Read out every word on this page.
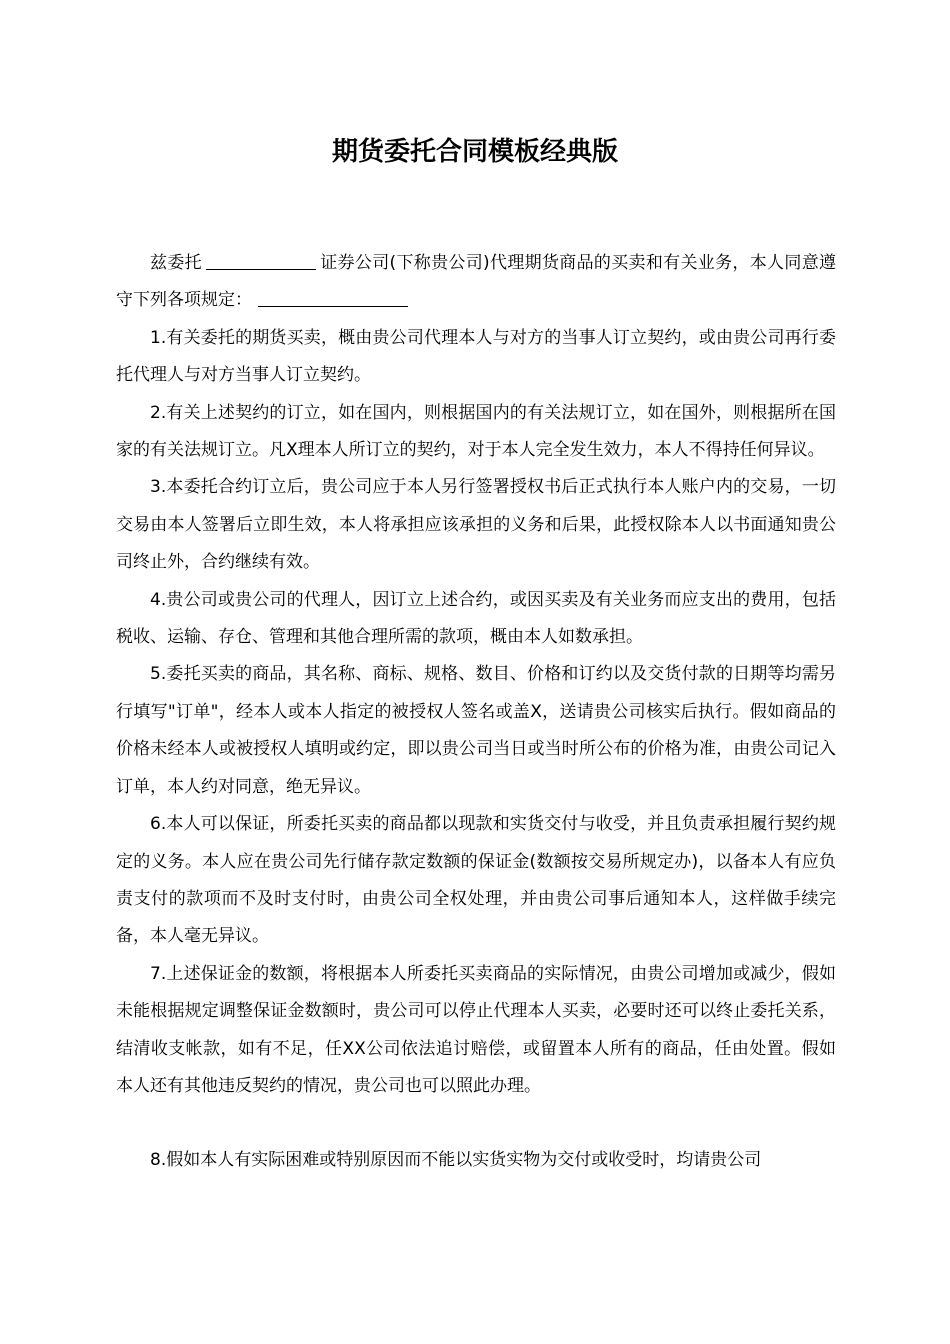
期货委托合同模板经典版

兹委托	证券公司(下称贵公司)代理期货商品的买卖和有关业务，本人同意遵守下列各项规定：

1.有关委托的期货买卖，概由贵公司代理本人与对方的当事人订立契约，或由贵公司再行委托代理人与对方当事人订立契约。

2.有关上述契约的订立，如在国内，则根据国内的有关法规订立，如在国外，则根据所在国家的有关法规订立。凡X理本人所订立的契约，对于本人完全发生效力，本人不得持任何异议。

3.本委托合约订立后，贵公司应于本人另行签署授权书后正式执行本人账户内的交易，一切交易由本人签署后立即生效，本人将承担应该承担的义务和后果，此授权除本人以书面通知贵公司终止外，合约继续有效。

4.贵公司或贵公司的代理人，因订立上述合约，或因买卖及有关业务而应支出的费用，包括税收、运输、存仓、管理和其他合理所需的款项，概由本人如数承担。

5.委托买卖的商品，其名称、商标、规格、数目、价格和订约以及交货付款的日期等均需另行填写"订单"，经本人或本人指定的被授权人签名或盖X，送请贵公司核实后执行。假如商品的价格未经本人或被授权人填明或约定，即以贵公司当日或当时所公布的价格为准，由贵公司记入订单，本人约对同意，绝无异议。

6.本人可以保证，所委托买卖的商品都以现款和实货交付与收受，并且负责承担履行契约规定的义务。本人应在贵公司先行储存款定数额的保证金(数额按交易所规定办)，以备本人有应负责支付的款项而不及时支付时，由贵公司全权处理，并由贵公司事后通知本人，这样做手续完备，本人毫无异议。

7.上述保证金的数额，将根据本人所委托买卖商品的实际情况，由贵公司增加或减少，假如未能根据规定调整保证金数额时，贵公司可以停止代理本人买卖，必要时还可以终止委托关系，结清收支帐款，如有不足，任XX公司依法追讨赔偿，或留置本人所有的商品，任由处置。假如本人还有其他违反契约的情况，贵公司也可以照此办理。

8.假如本人有实际困难或特别原因而不能以实货实物为交付或收受时，均请贵公司
